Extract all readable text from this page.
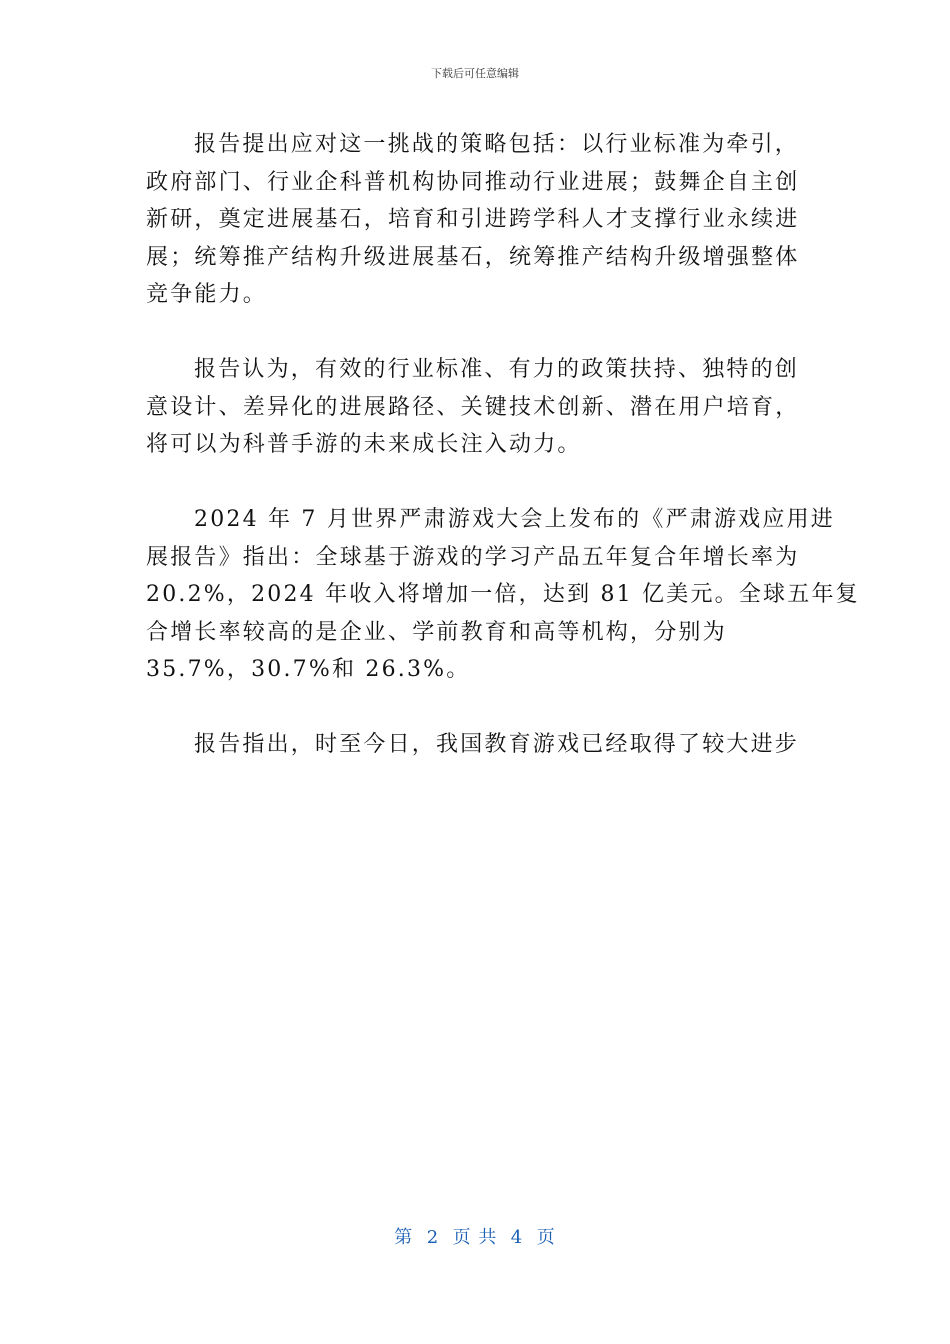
下载后可任意编辑

报告提出应对这一挑战的策略包括：以行业标准为牵引，
政府部门、行业企科普机构协同推动行业进展；鼓舞企自主创
新研，奠定进展基石，培育和引进跨学科人才支撑行业永续进
展；统筹推产结构升级进展基石，统筹推产结构升级增强整体
竞争能力。

报告认为，有效的行业标准、有力的政策扶持、独特的创
意设计、差异化的进展路径、关键技术创新、潜在用户培育，
将可以为科普手游的未来成长注入动力。

2024 年 7 月世界严肃游戏大会上发布的《严肃游戏应用进
展报告》指出：全球基于游戏的学习产品五年复合年增长率为
20.2%，2024 年收入将增加一倍，达到 81 亿美元。全球五年复
合增长率较高的是企业、学前教育和高等机构，分别为
35.7%，30.7%和 26.3%。

报告指出，时至今日，我国教育游戏已经取得了较大进步

第  2  页 共  4  页
